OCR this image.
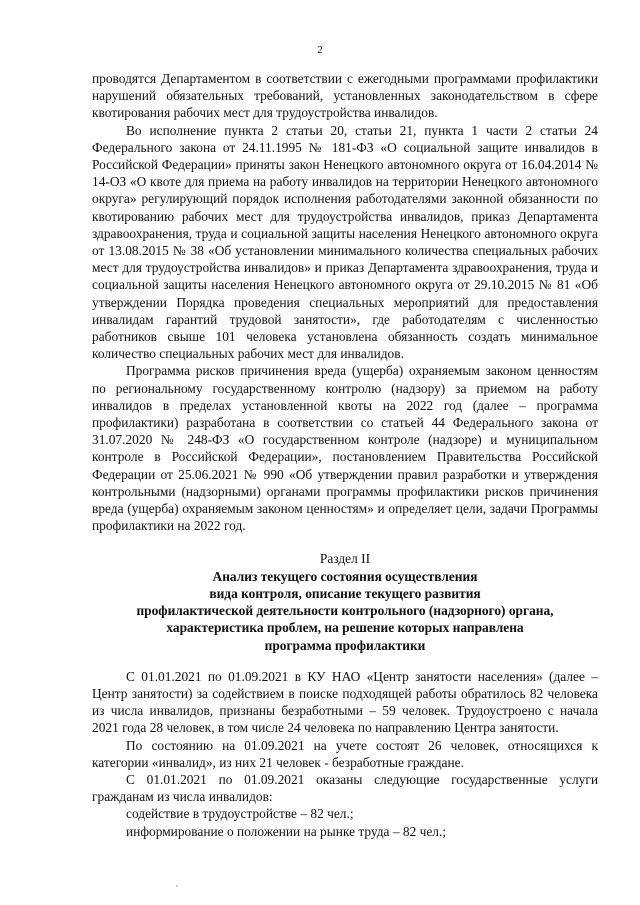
2

проводятся Департаментом в соответствии с ежегодными программами профилактики нарушений обязательных требований, установленных законодательством в сфере квотирования рабочих мест для трудоустройства инвалидов.

Во исполнение пункта 2 статьи 20, статьи 21, пункта 1 части 2 статьи 24 Федерального закона от 24.11.1995 № 181-ФЗ «О социальной защите инвалидов в Российской Федерации» приняты закон Ненецкого автономного округа от 16.04.2014 № 14-ОЗ «О квоте для приема на работу инвалидов на территории Ненецкого автономного округа» регулирующий порядок исполнения работодателями законной обязанности по квотированию рабочих мест для трудоустройства инвалидов, приказ Департамента здравоохранения, труда и социальной защиты населения Ненецкого автономного округа от 13.08.2015 № 38 «Об установлении минимального количества специальных рабочих мест для трудоустройства инвалидов» и приказ Департамента здравоохранения, труда и социальной защиты населения Ненецкого автономного округа от 29.10.2015 № 81 «Об утверждении Порядка проведения специальных мероприятий для предоставления инвалидам гарантий трудовой занятости», где работодателям с численностью работников свыше 101 человека установлена обязанность создать минимальное количество специальных рабочих мест для инвалидов.

Программа рисков причинения вреда (ущерба) охраняемым законом ценностям по региональному государственному контролю (надзору) за приемом на работу инвалидов в пределах установленной квоты на 2022 год (далее – программа профилактики) разработана в соответствии со статьей 44 Федерального закона от 31.07.2020 № 248-ФЗ «О государственном контроле (надзоре) и муниципальном контроле в Российской Федерации», постановлением Правительства Российской Федерации от 25.06.2021 № 990 «Об утверждении правил разработки и утверждения контрольными (надзорными) органами программы профилактики рисков причинения вреда (ущерба) охраняемым законом ценностям» и определяет цели, задачи Программы профилактики на 2022 год.

Раздел II

Анализ текущего состояния осуществления
вида контроля, описание текущего развития
профилактической деятельности контрольного (надзорного) органа,
характеристика проблем, на решение которых направлена
программа профилактики

С 01.01.2021 по 01.09.2021 в КУ НАО «Центр занятости населения» (далее – Центр занятости) за содействием в поиске подходящей работы обратилось 82 человека из числа инвалидов, признаны безработными – 59 человек. Трудоустроено с начала 2021 года 28 человек, в том числе 24 человека по направлению Центра занятости.

По состоянию на 01.09.2021 на учете состоят 26 человек, относящихся к категории «инвалид», из них 21 человек - безработные граждане.

С 01.01.2021 по 01.09.2021 оказаны следующие государственные услуги гражданам из числа инвалидов:

содействие в трудоустройстве – 82 чел.;

информирование о положении на рынке труда – 82 чел.;
